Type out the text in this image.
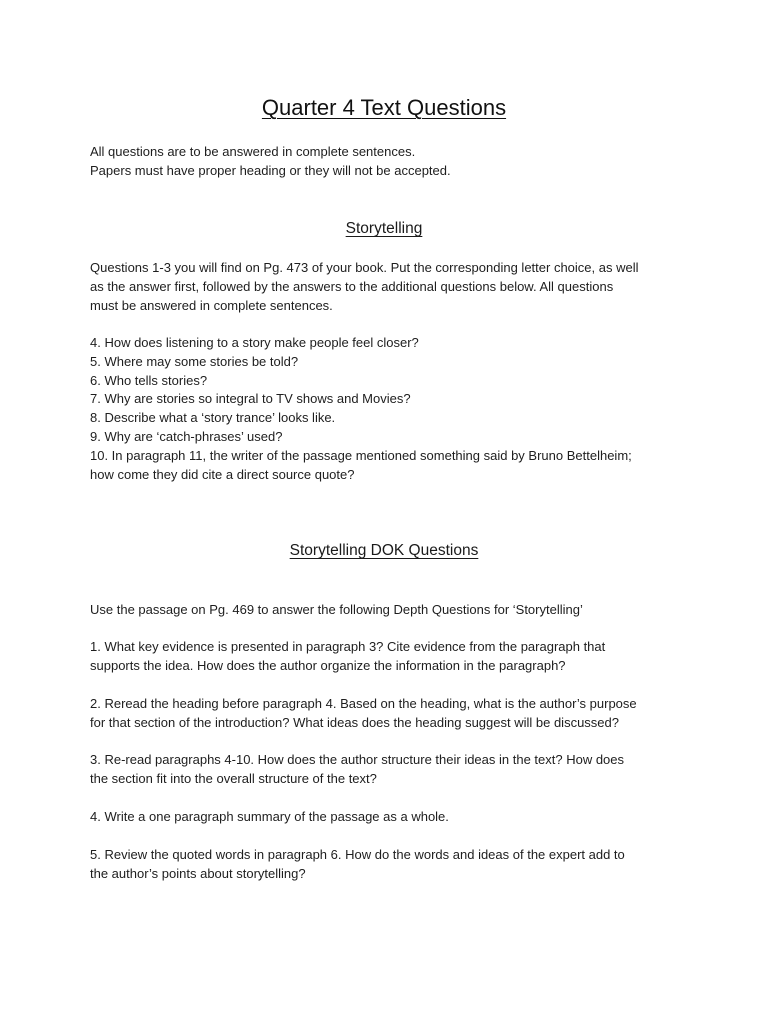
Quarter 4 Text Questions
All questions are to be answered in complete sentences.
Papers must have proper heading or they will not be accepted.
Storytelling
Questions 1-3 you will find on Pg. 473 of your book. Put the corresponding letter choice, as well
as the answer first, followed by the answers to the additional questions below. All questions
must be answered in complete sentences.
4. How does listening to a story make people feel closer?
5. Where may some stories be told?
6. Who tells stories?
7. Why are stories so integral to TV shows and Movies?
8. Describe what a ‘story trance’ looks like.
9. Why are ‘catch-phrases’ used?
10. In paragraph 11, the writer of the passage mentioned something said by Bruno Bettelheim;
how come they did cite a direct source quote?
Storytelling DOK Questions
Use the passage on Pg. 469 to answer the following Depth Questions for ‘Storytelling’
1. What key evidence is presented in paragraph 3? Cite evidence from the paragraph that
supports the idea. How does the author organize the information in the paragraph?
2. Reread the heading before paragraph 4. Based on the heading, what is the author’s purpose
for that section of the introduction? What ideas does the heading suggest will be discussed?
3. Re-read paragraphs 4-10. How does the author structure their ideas in the text? How does
the section fit into the overall structure of the text?
4. Write a one paragraph summary of the passage as a whole.
5. Review the quoted words in paragraph 6. How do the words and ideas of the expert add to
the author’s points about storytelling?
